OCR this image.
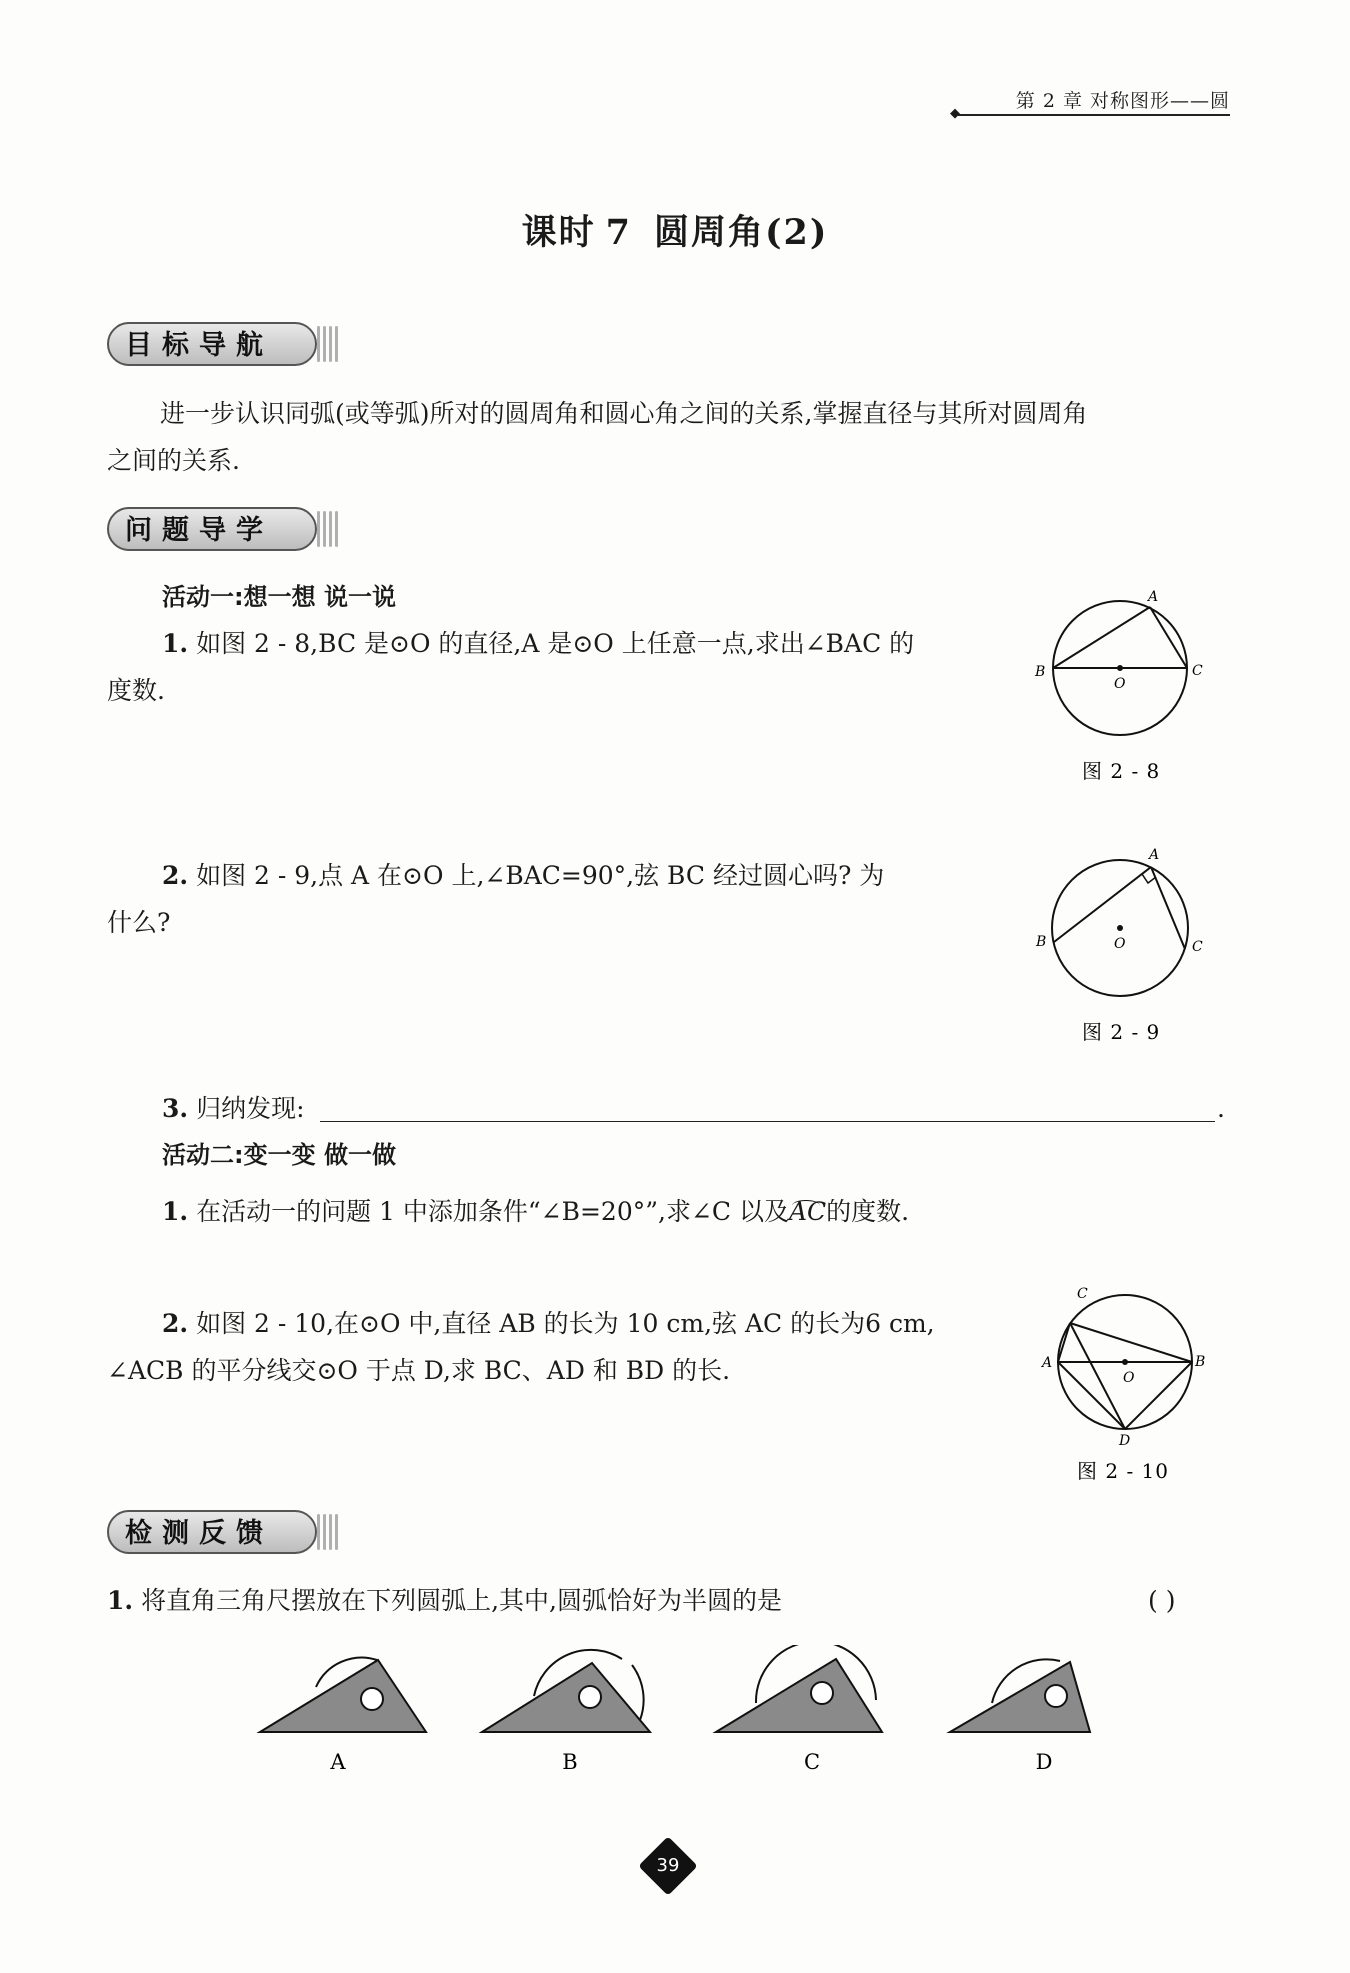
◆
第 2 章 对称图形——圆
课时 7 圆周角(2)
目标导航
进一步认识同弧(或等弧)所对的圆周角和圆心角之间的关系,掌握直径与其所对圆周角
之间的关系.
问题导学
活动一:想一想 说一说
1. 如图 2 - 8,BC 是⊙O 的直径,A 是⊙O 上任意一点,求出∠BAC 的
度数.
A
B	C
O
图 2 - 8
2. 如图 2 - 9,点 A 在⊙O 上,∠BAC=90°,弦 BC 经过圆心吗? 为
什么?
A
B	C
O
图 2 - 9
3. 归纳发现:	.
活动二:变一变 做一做
1. 在活动一的问题 1 中添加条件“∠B=20°”,求∠C 以及
AC的度数.
2. 如图 2 - 10,在⊙O 中,直径 AB 的长为 10 cm,弦 AC 的长为6 cm,
∠ACB 的平分线交⊙O 于点 D,求 BC、AD 和 BD 的长.
C
A	B
D
O
图 2 - 10
检测反馈
1. 将直角三角尺摆放在下列圆弧上,其中,圆弧恰好为半圆的是	( )
A	B	C	D
39
